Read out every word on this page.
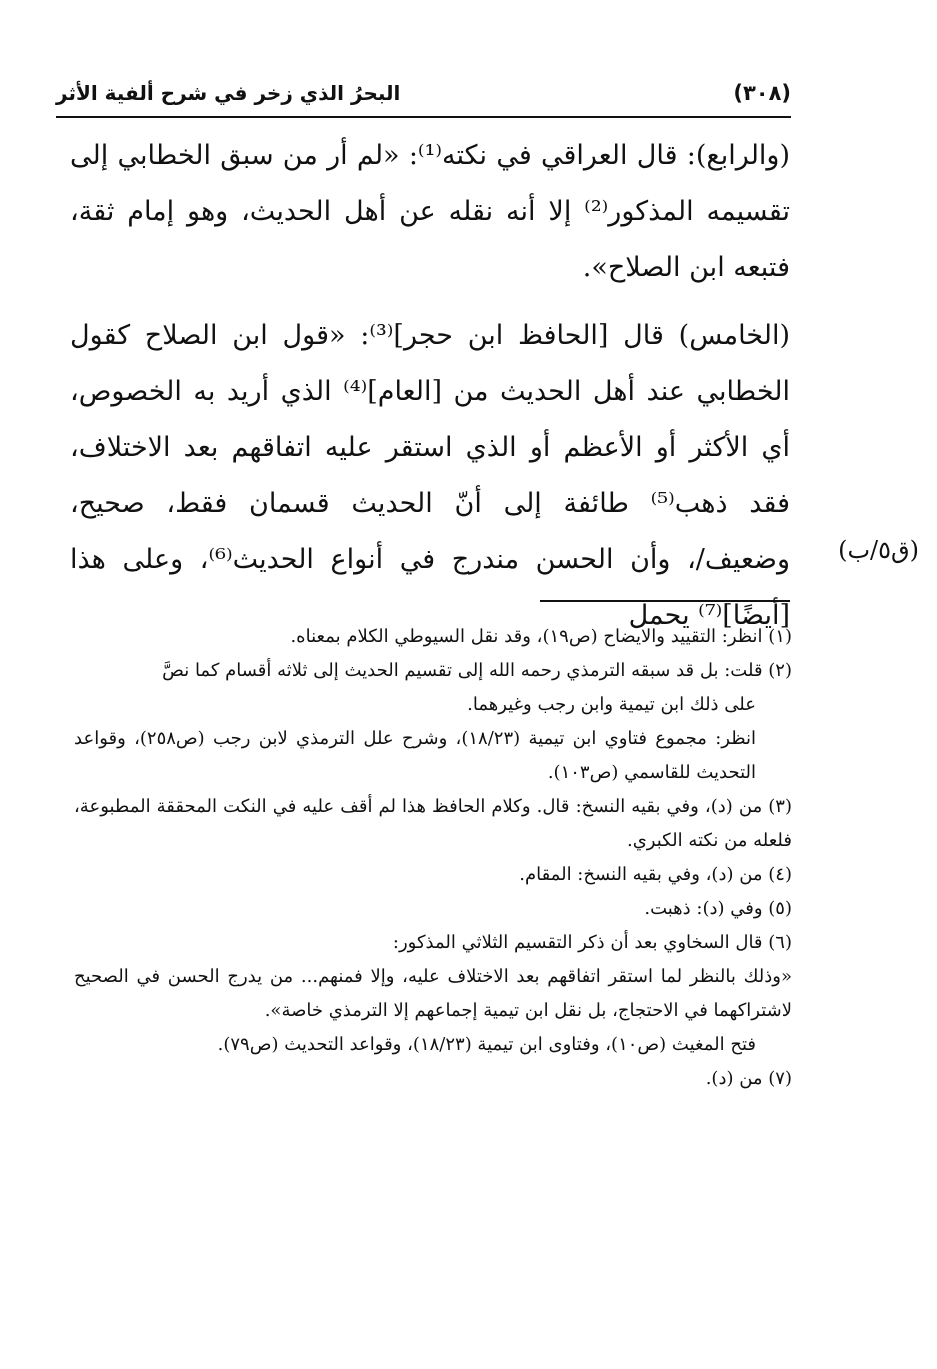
(٣٠٨)
البحرُ الذي زخر في شرح ألفية الأثر

(والرابع): قال العراقي في نكته⁽¹⁾: «لم أر من سبق الخطابي إلى تقسيمه المذكور⁽²⁾ إلا أنه نقله عن أهل الحديث، وهو إمام ثقة، فتبعه ابن الصلاح».

(الخامس) قال [الحافظ ابن حجر]⁽³⁾: «قول ابن الصلاح كقول الخطابي عند أهل الحديث من [العام]⁽⁴⁾ الذي أريد به الخصوص، أي الأكثر أو الأعظم أو الذي استقر عليه اتفاقهم بعد الاختلاف، فقد ذهب⁽⁵⁾ طائفة إلى أنّ الحديث قسمان فقط، صحيح، وضعيف/، وأن الحسن مندرج في أنواع الحديث⁽⁶⁾، وعلى هذا [أيضًا]⁽⁷⁾ يحمل

(ق٥/ب)

(١) انظر: التقييد والايضاح (ص١٩)، وقد نقل السيوطي الكلام بمعناه.

(٢) قلت: بل قد سبقه الترمذي رحمه الله إلى تقسيم الحديث إلى ثلاثه أقسام كما نصَّ

على ذلك ابن تيمية وابن رجب وغيرهما.

انظر: مجموع فتاوي ابن تيمية (١٨/٢٣)، وشرح علل الترمذي لابن رجب (ص٢٥٨)، وقواعد التحديث للقاسمي (ص١٠٣).

(٣) من (د)، وفي بقيه النسخ: قال. وكلام الحافظ هذا لم أقف عليه في النكت المحققة المطبوعة، فلعله من نكته الكبري.

(٤) من (د)، وفي بقيه النسخ: المقام.

(٥) وفي (د): ذهبت.

(٦) قال السخاوي بعد أن ذكر التقسيم الثلاثي المذكور:

«وذلك بالنظر لما استقر اتفاقهم بعد الاختلاف عليه، وإلا فمنهم... من يدرج الحسن في الصحيح لاشتراكهما في الاحتجاج، بل نقل ابن تيمية إجماعهم إلا الترمذي خاصة».

فتح المغيث (ص١٠)، وفتاوى ابن تيمية (١٨/٢٣)، وقواعد التحديث (ص٧٩).

(٧) من (د).
